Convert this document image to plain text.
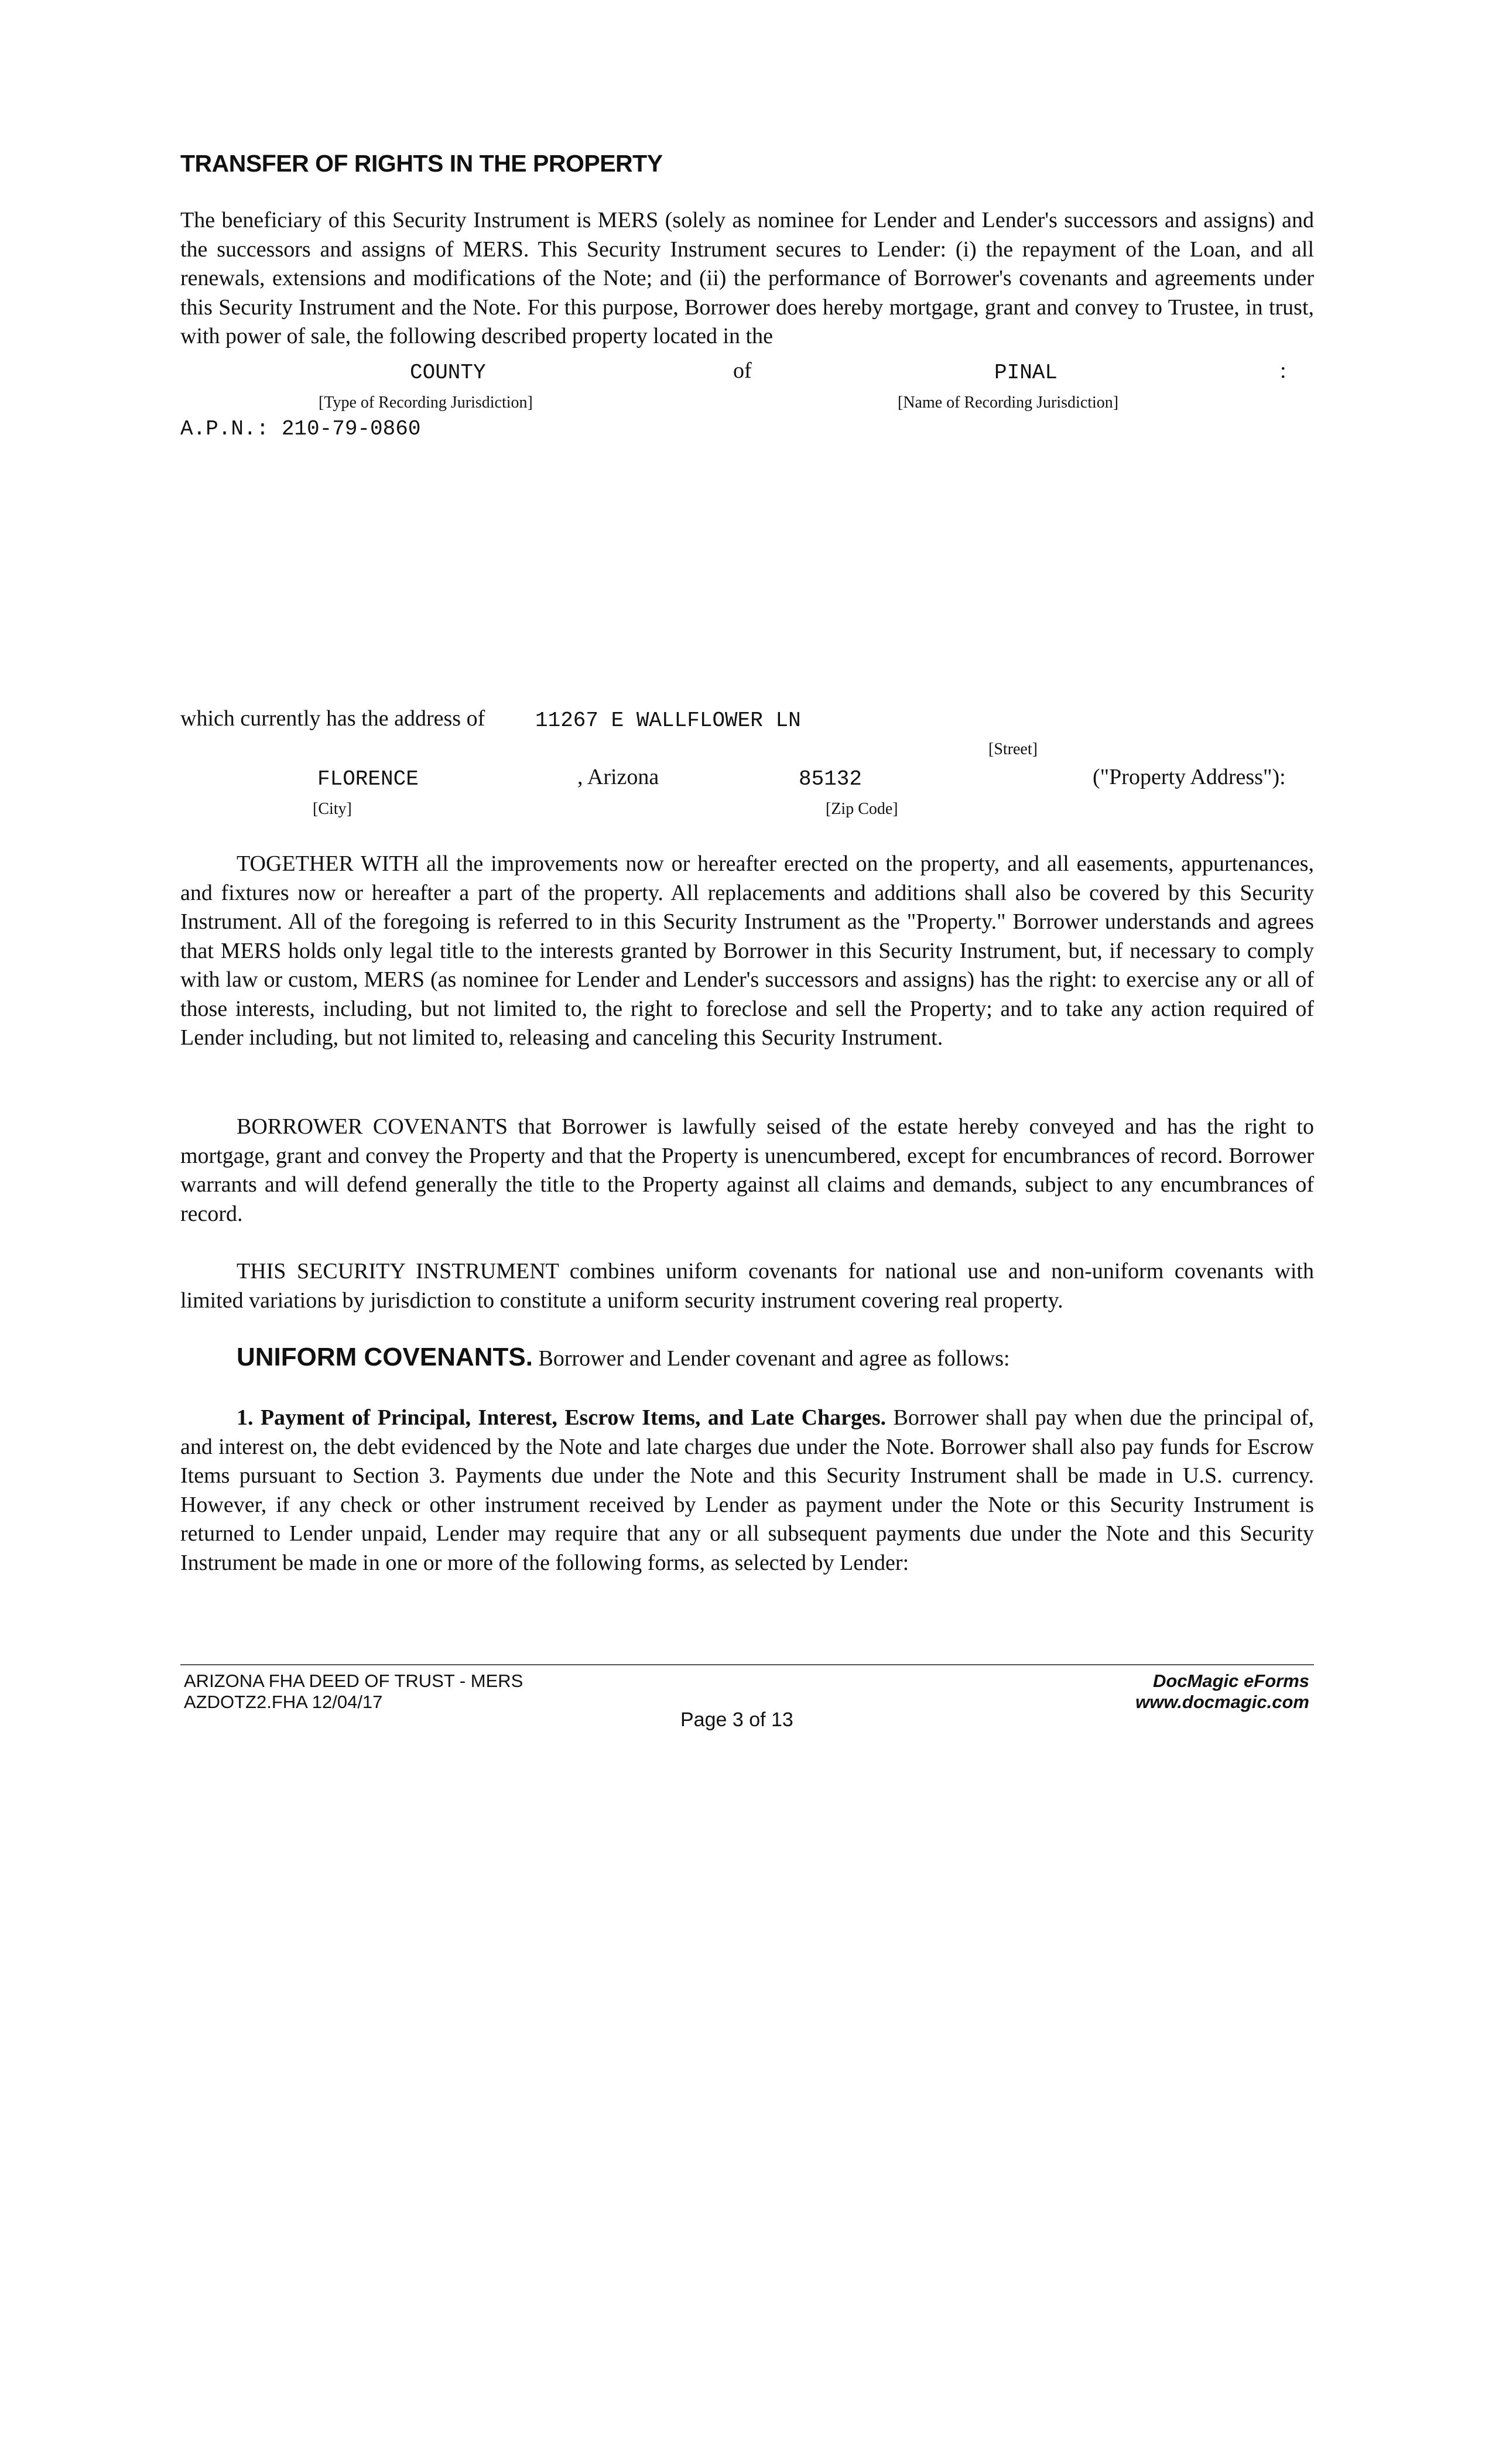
TRANSFER OF RIGHTS IN THE PROPERTY

The beneficiary of this Security Instrument is MERS (solely as nominee for Lender and Lender's successors and assigns) and the successors and assigns of MERS. This Security Instrument secures to Lender: (i) the repayment of the Loan, and all renewals, extensions and modifications of the Note; and (ii) the performance of Borrower's covenants and agreements under this Security Instrument and the Note. For this purpose, Borrower does hereby mortgage, grant and convey to Trustee, in trust, with power of sale, the following described property located in the

COUNTY	of	PINAL	:
[Type of Recording Jurisdiction]	[Name of Recording Jurisdiction]
A.P.N.: 210-79-0860
which currently has the address of 11267 E WALLFLOWER LN
[Street]
FLORENCE	, Arizona	85132	("Property Address"):
[City]	[Zip Code]

TOGETHER WITH all the improvements now or hereafter erected on the property, and all easements, appurtenances, and fixtures now or hereafter a part of the property. All replacements and additions shall also be covered by this Security Instrument. All of the foregoing is referred to in this Security Instrument as the "Property." Borrower understands and agrees that MERS holds only legal title to the interests granted by Borrower in this Security Instrument, but, if necessary to comply with law or custom, MERS (as nominee for Lender and Lender's successors and assigns) has the right: to exercise any or all of those interests, including, but not limited to, the right to foreclose and sell the Property; and to take any action required of Lender including, but not limited to, releasing and canceling this Security Instrument.

BORROWER COVENANTS that Borrower is lawfully seised of the estate hereby conveyed and has the right to mortgage, grant and convey the Property and that the Property is unencumbered, except for encumbrances of record. Borrower warrants and will defend generally the title to the Property against all claims and demands, subject to any encumbrances of record.

THIS SECURITY INSTRUMENT combines uniform covenants for national use and non-uniform covenants with limited variations by jurisdiction to constitute a uniform security instrument covering real property.

UNIFORM COVENANTS. Borrower and Lender covenant and agree as follows:

1. Payment of Principal, Interest, Escrow Items, and Late Charges. Borrower shall pay when due the principal of, and interest on, the debt evidenced by the Note and late charges due under the Note. Borrower shall also pay funds for Escrow Items pursuant to Section 3. Payments due under the Note and this Security Instrument shall be made in U.S. currency. However, if any check or other instrument received by Lender as payment under the Note or this Security Instrument is returned to Lender unpaid, Lender may require that any or all subsequent payments due under the Note and this Security Instrument be made in one or more of the following forms, as selected by Lender:

ARIZONA FHA DEED OF TRUST - MERS
AZDOTZ2.FHA 12/04/17
Page 3 of 13
DocMagic eForms
www.docmagic.com
